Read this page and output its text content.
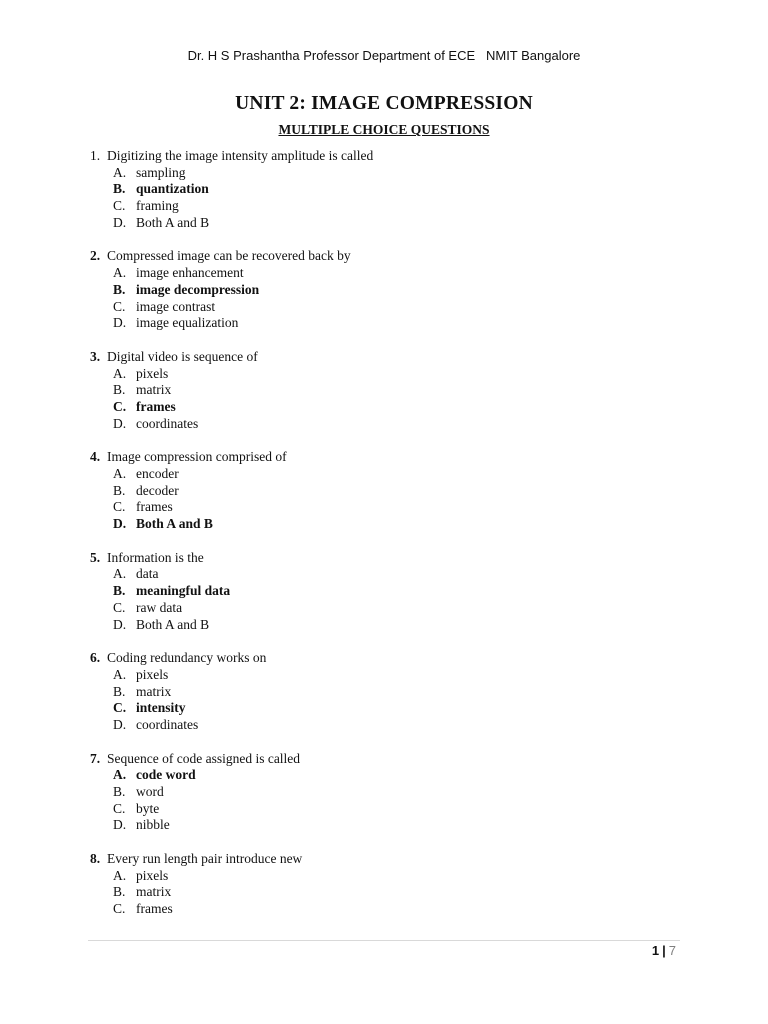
Dr. H S Prashantha Professor Department of ECE   NMIT Bangalore
UNIT 2: IMAGE COMPRESSION
MULTIPLE CHOICE QUESTIONS
1. Digitizing the image intensity amplitude is called
A. sampling
B. quantization
C. framing
D. Both A and B
2. Compressed image can be recovered back by
A. image enhancement
B. image decompression
C. image contrast
D. image equalization
3. Digital video is sequence of
A. pixels
B. matrix
C. frames
D. coordinates
4. Image compression comprised of
A. encoder
B. decoder
C. frames
D. Both A and B
5. Information is the
A. data
B. meaningful data
C. raw data
D. Both A and B
6. Coding redundancy works on
A. pixels
B. matrix
C. intensity
D. coordinates
7. Sequence of code assigned is called
A. code word
B. word
C. byte
D. nibble
8. Every run length pair introduce new
A. pixels
B. matrix
C. frames
1 | 7
